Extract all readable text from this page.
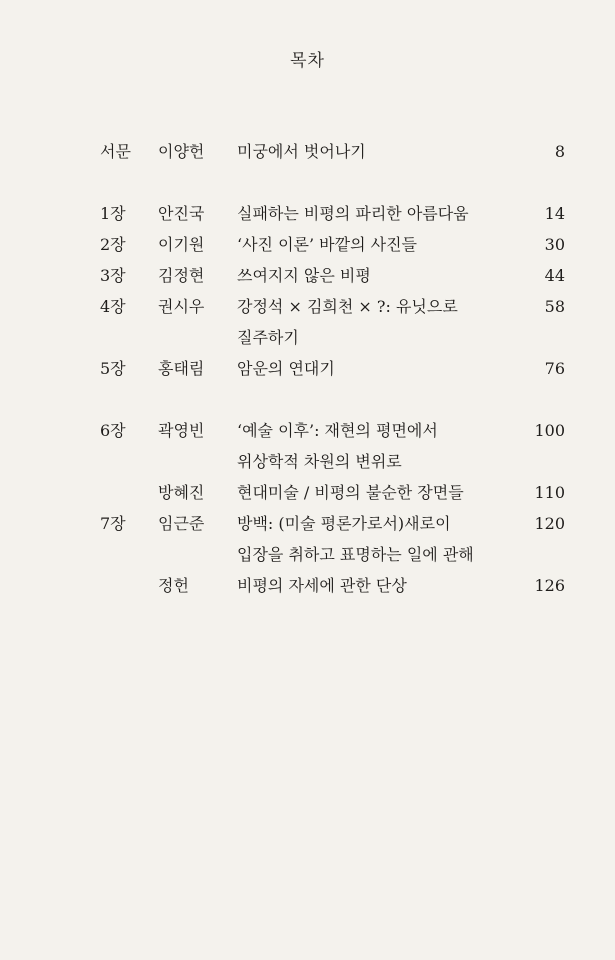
목차
서문	이양헌	미궁에서 벗어나기	8
1장	안진국	실패하는 비평의 파리한 아름다움	14
2장	이기원	‘사진 이론’ 바깥의 사진들	30
3장	김정현	쓰여지지 않은 비평	44
4장	권시우	강정석 × 김희천 × ?: 유닛으로	58
질주하기
5장	홍태림	암운의 연대기	76
6장	곽영빈	‘예술 이후’: 재현의 평면에서	100
위상학적 차원의 변위로
방혜진	현대미술 / 비평의 불순한 장면들	110
7장	임근준	방백: (미술 평론가로서)새로이	120
입장을 취하고 표명하는 일에 관해
정헌	비평의 자세에 관한 단상	126
